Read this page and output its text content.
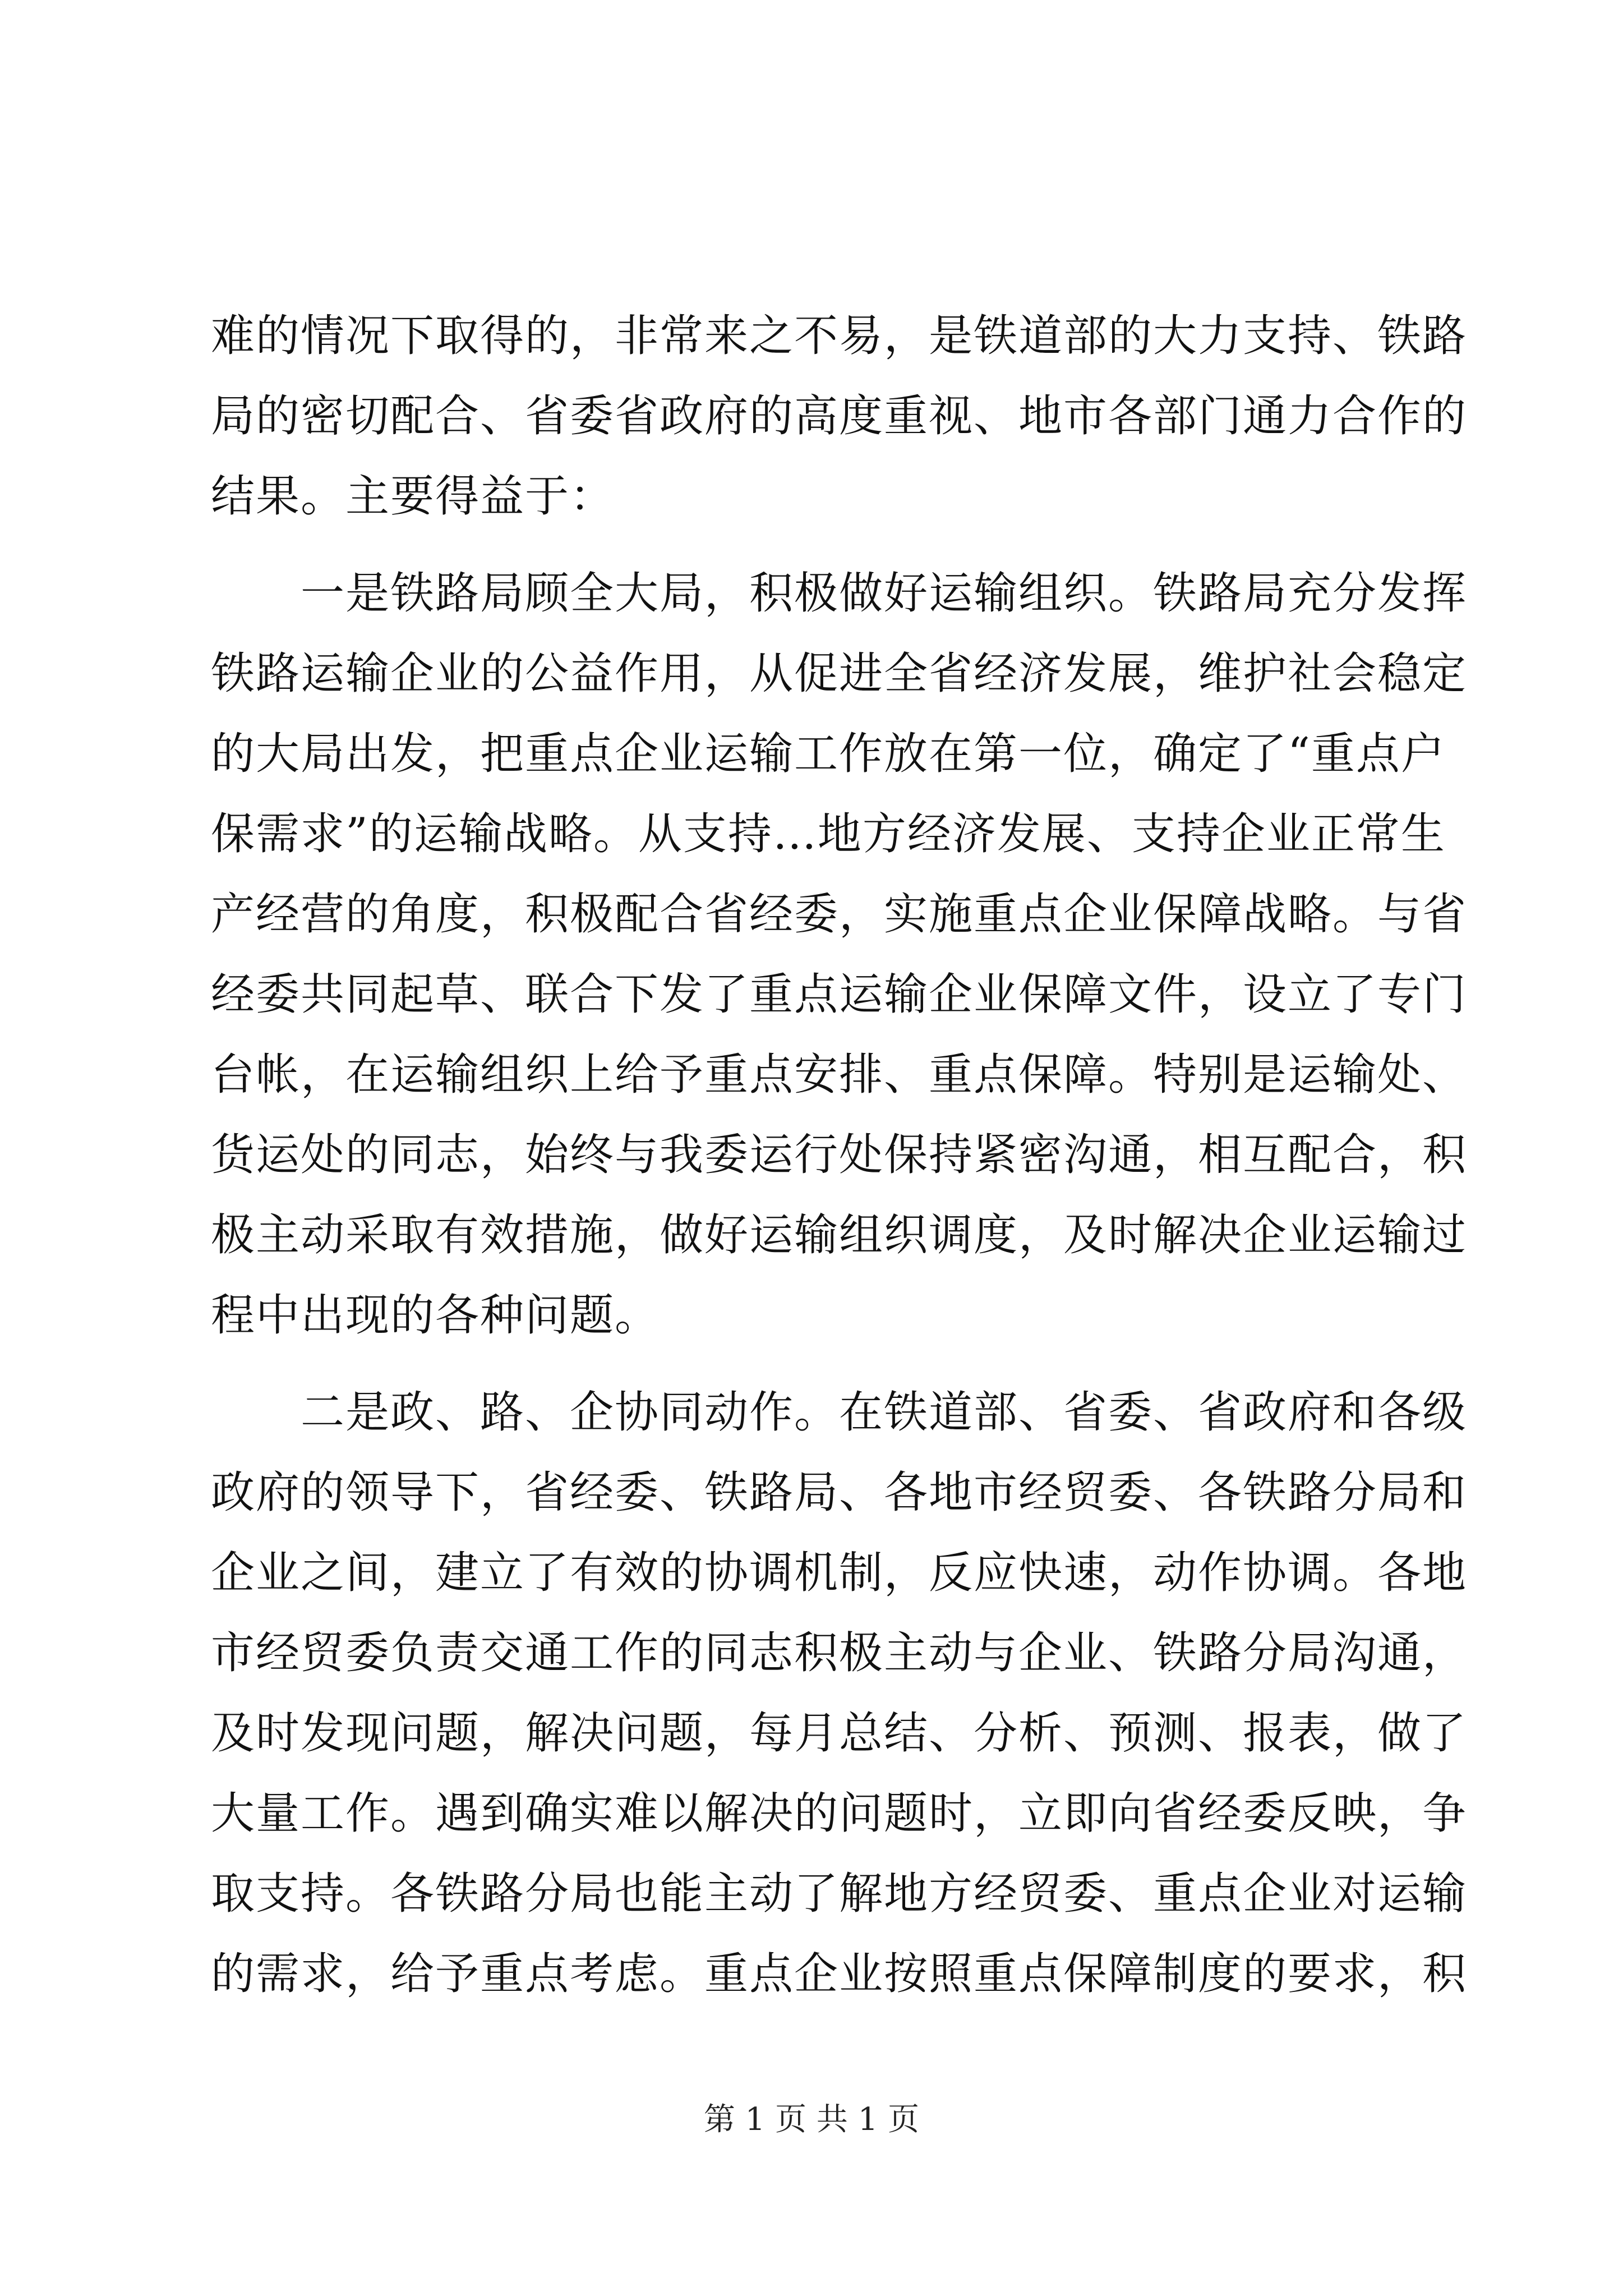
难的情况下取得的，非常来之不易，是铁道部的大力支持、铁路
局的密切配合、省委省政府的高度重视、地市各部门通力合作的
结果。主要得益于：
　　一是铁路局顾全大局，积极做好运输组织。铁路局充分发挥
铁路运输企业的公益作用，从促进全省经济发展，维护社会稳定
的大局出发，把重点企业运输工作放在第一位，确定了“重点户
保需求”的运输战略。从支持…地方经济发展、支持企业正常生
产经营的角度，积极配合省经委，实施重点企业保障战略。与省
经委共同起草、联合下发了重点运输企业保障文件，设立了专门
台帐，在运输组织上给予重点安排、重点保障。特别是运输处、
货运处的同志，始终与我委运行处保持紧密沟通，相互配合，积
极主动采取有效措施，做好运输组织调度，及时解决企业运输过
程中出现的各种问题。
　　二是政、路、企协同动作。在铁道部、省委、省政府和各级
政府的领导下，省经委、铁路局、各地市经贸委、各铁路分局和
企业之间，建立了有效的协调机制，反应快速，动作协调。各地
市经贸委负责交通工作的同志积极主动与企业、铁路分局沟通，
及时发现问题，解决问题，每月总结、分析、预测、报表，做了
大量工作。遇到确实难以解决的问题时，立即向省经委反映，争
取支持。各铁路分局也能主动了解地方经贸委、重点企业对运输
的需求，给予重点考虑。重点企业按照重点保障制度的要求，积
第 1 页 共 1 页
